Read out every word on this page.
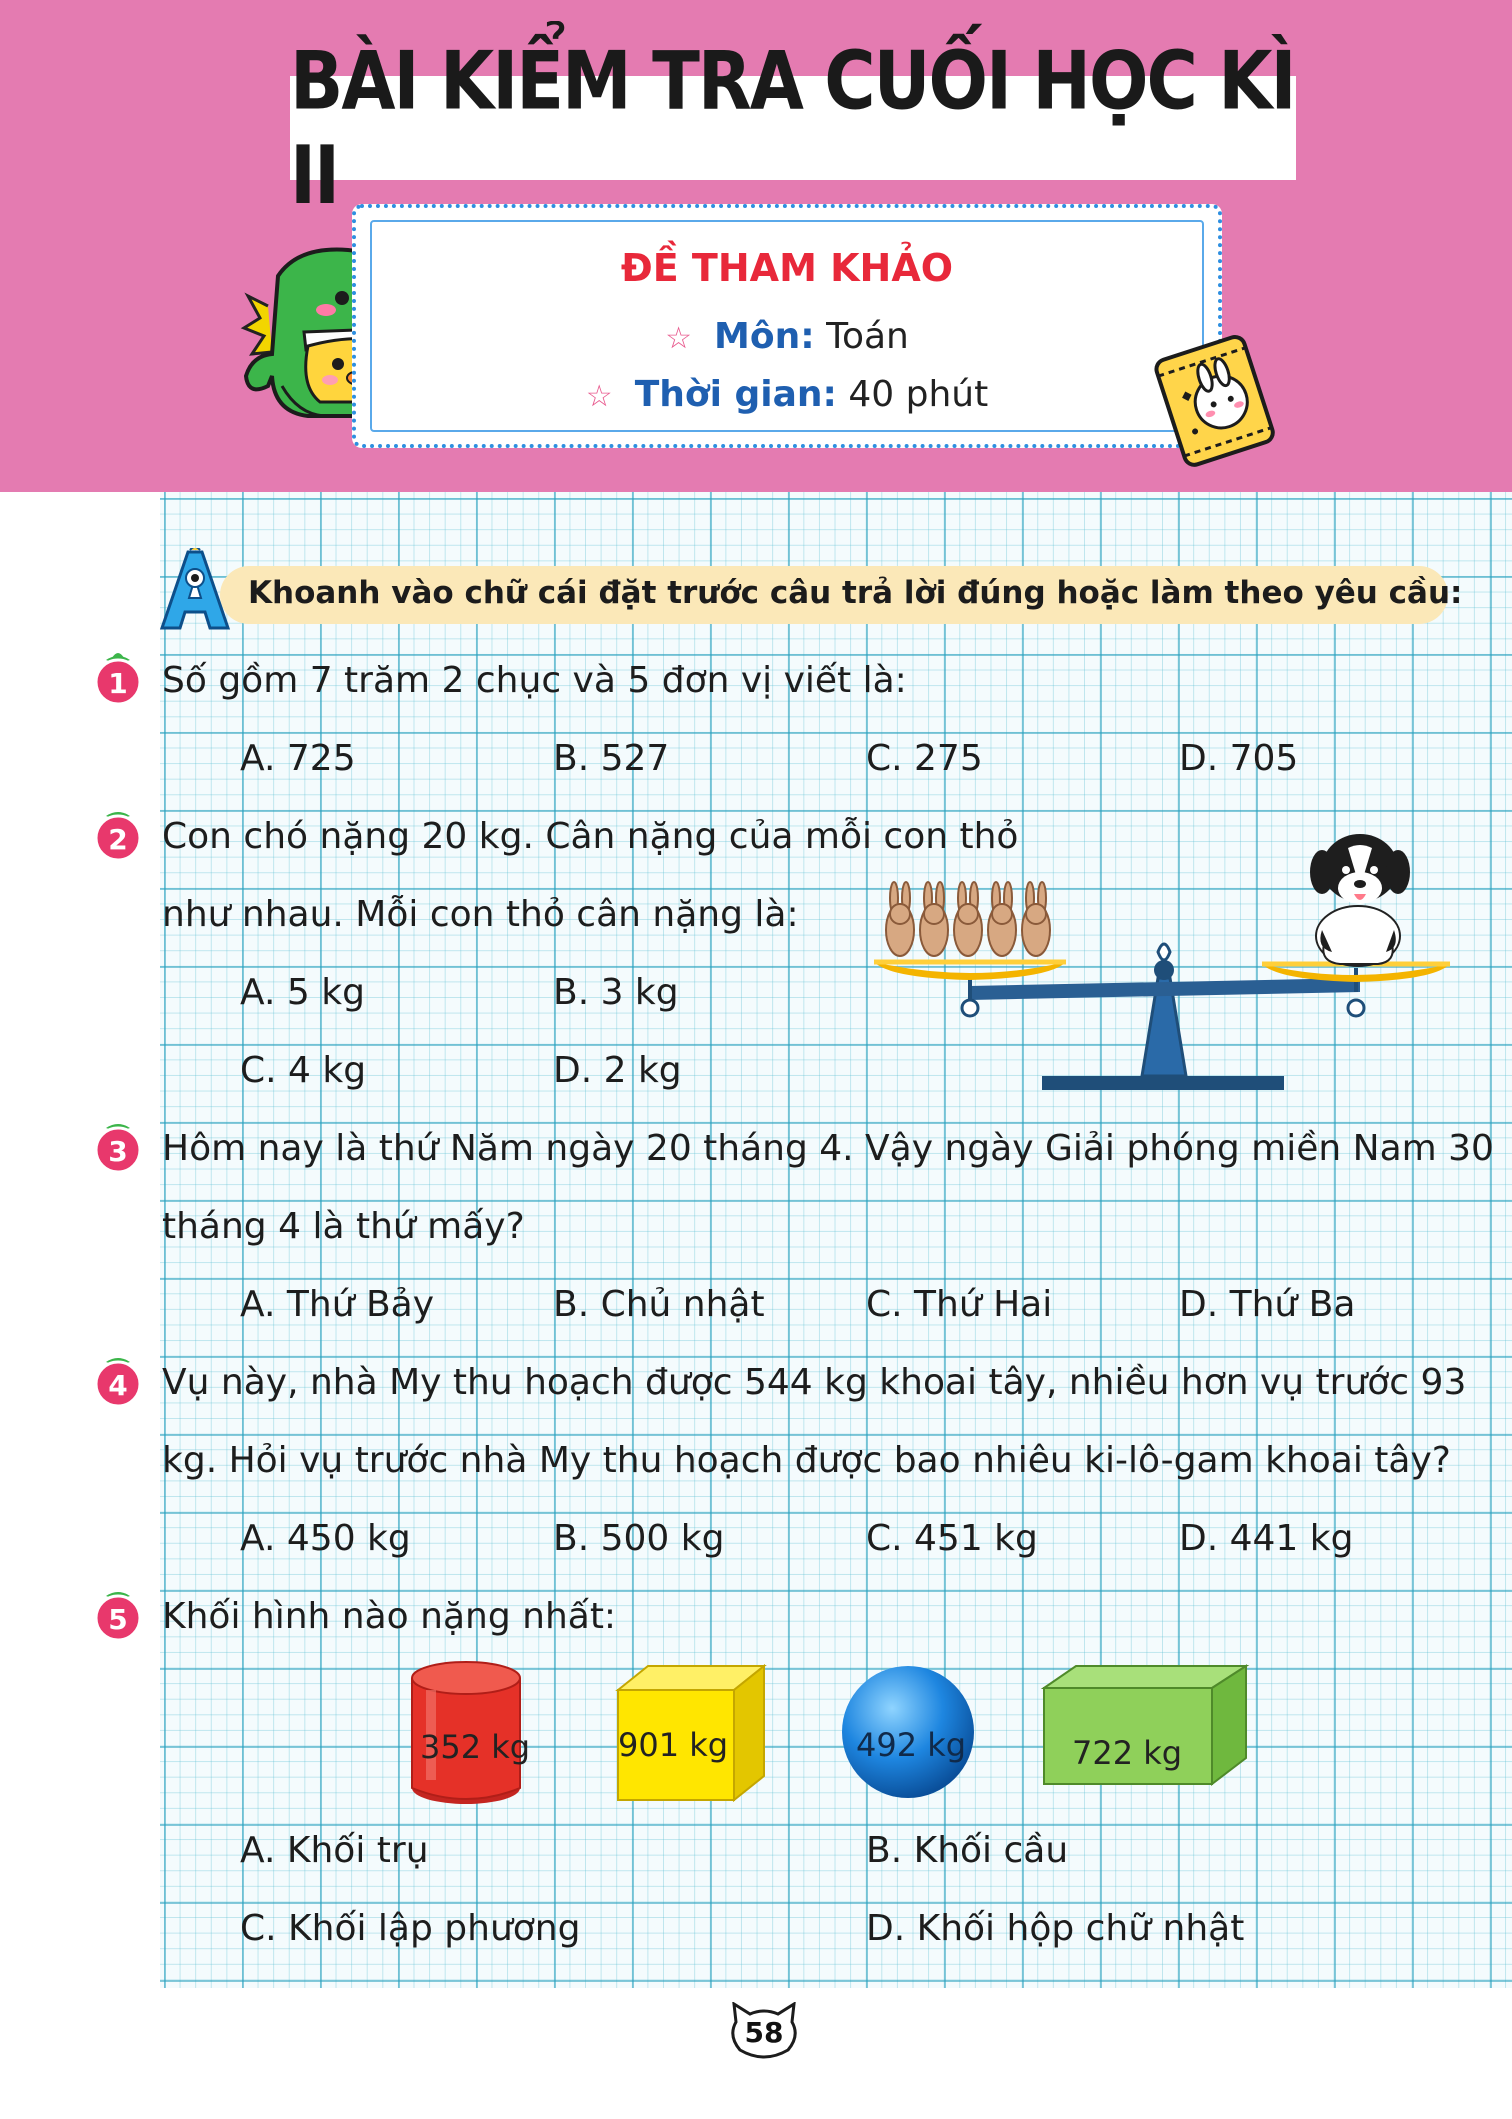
BÀI KIỂM TRA CUỐI HỌC KÌ II
ĐỀ THAM KHẢO
☆ Môn: Toán
☆ Thời gian: 40 phút
Khoanh vào chữ cái đặt trước câu trả lời đúng hoặc làm theo yêu cầu:
1 Số gồm 7 trăm 2 chục và 5 đơn vị viết là:
A. 725	B. 527	C. 275	D. 705
2 Con chó nặng 20 kg. Cân nặng của mỗi con thỏ
như nhau. Mỗi con thỏ cân nặng là:
A. 5 kg	B. 3 kg
C. 4 kg	D. 2 kg
3 Hôm nay là thứ Năm ngày 20 tháng 4. Vậy ngày Giải phóng miền Nam 30
tháng 4 là thứ mấy?
A. Thứ Bảy	B. Chủ nhật	C. Thứ Hai	D. Thứ Ba
4 Vụ này, nhà My thu hoạch được 544 kg khoai tây, nhiều hơn vụ trước 93
kg. Hỏi vụ trước nhà My thu hoạch được bao nhiêu ki-lô-gam khoai tây?
A. 450 kg	B. 500 kg	C. 451 kg	D. 441 kg
5 Khối hình nào nặng nhất:
352 kg	901 kg	492 kg	722 kg
A. Khối trụ	B. Khối cầu
C. Khối lập phương	D. Khối hộp chữ nhật
58
